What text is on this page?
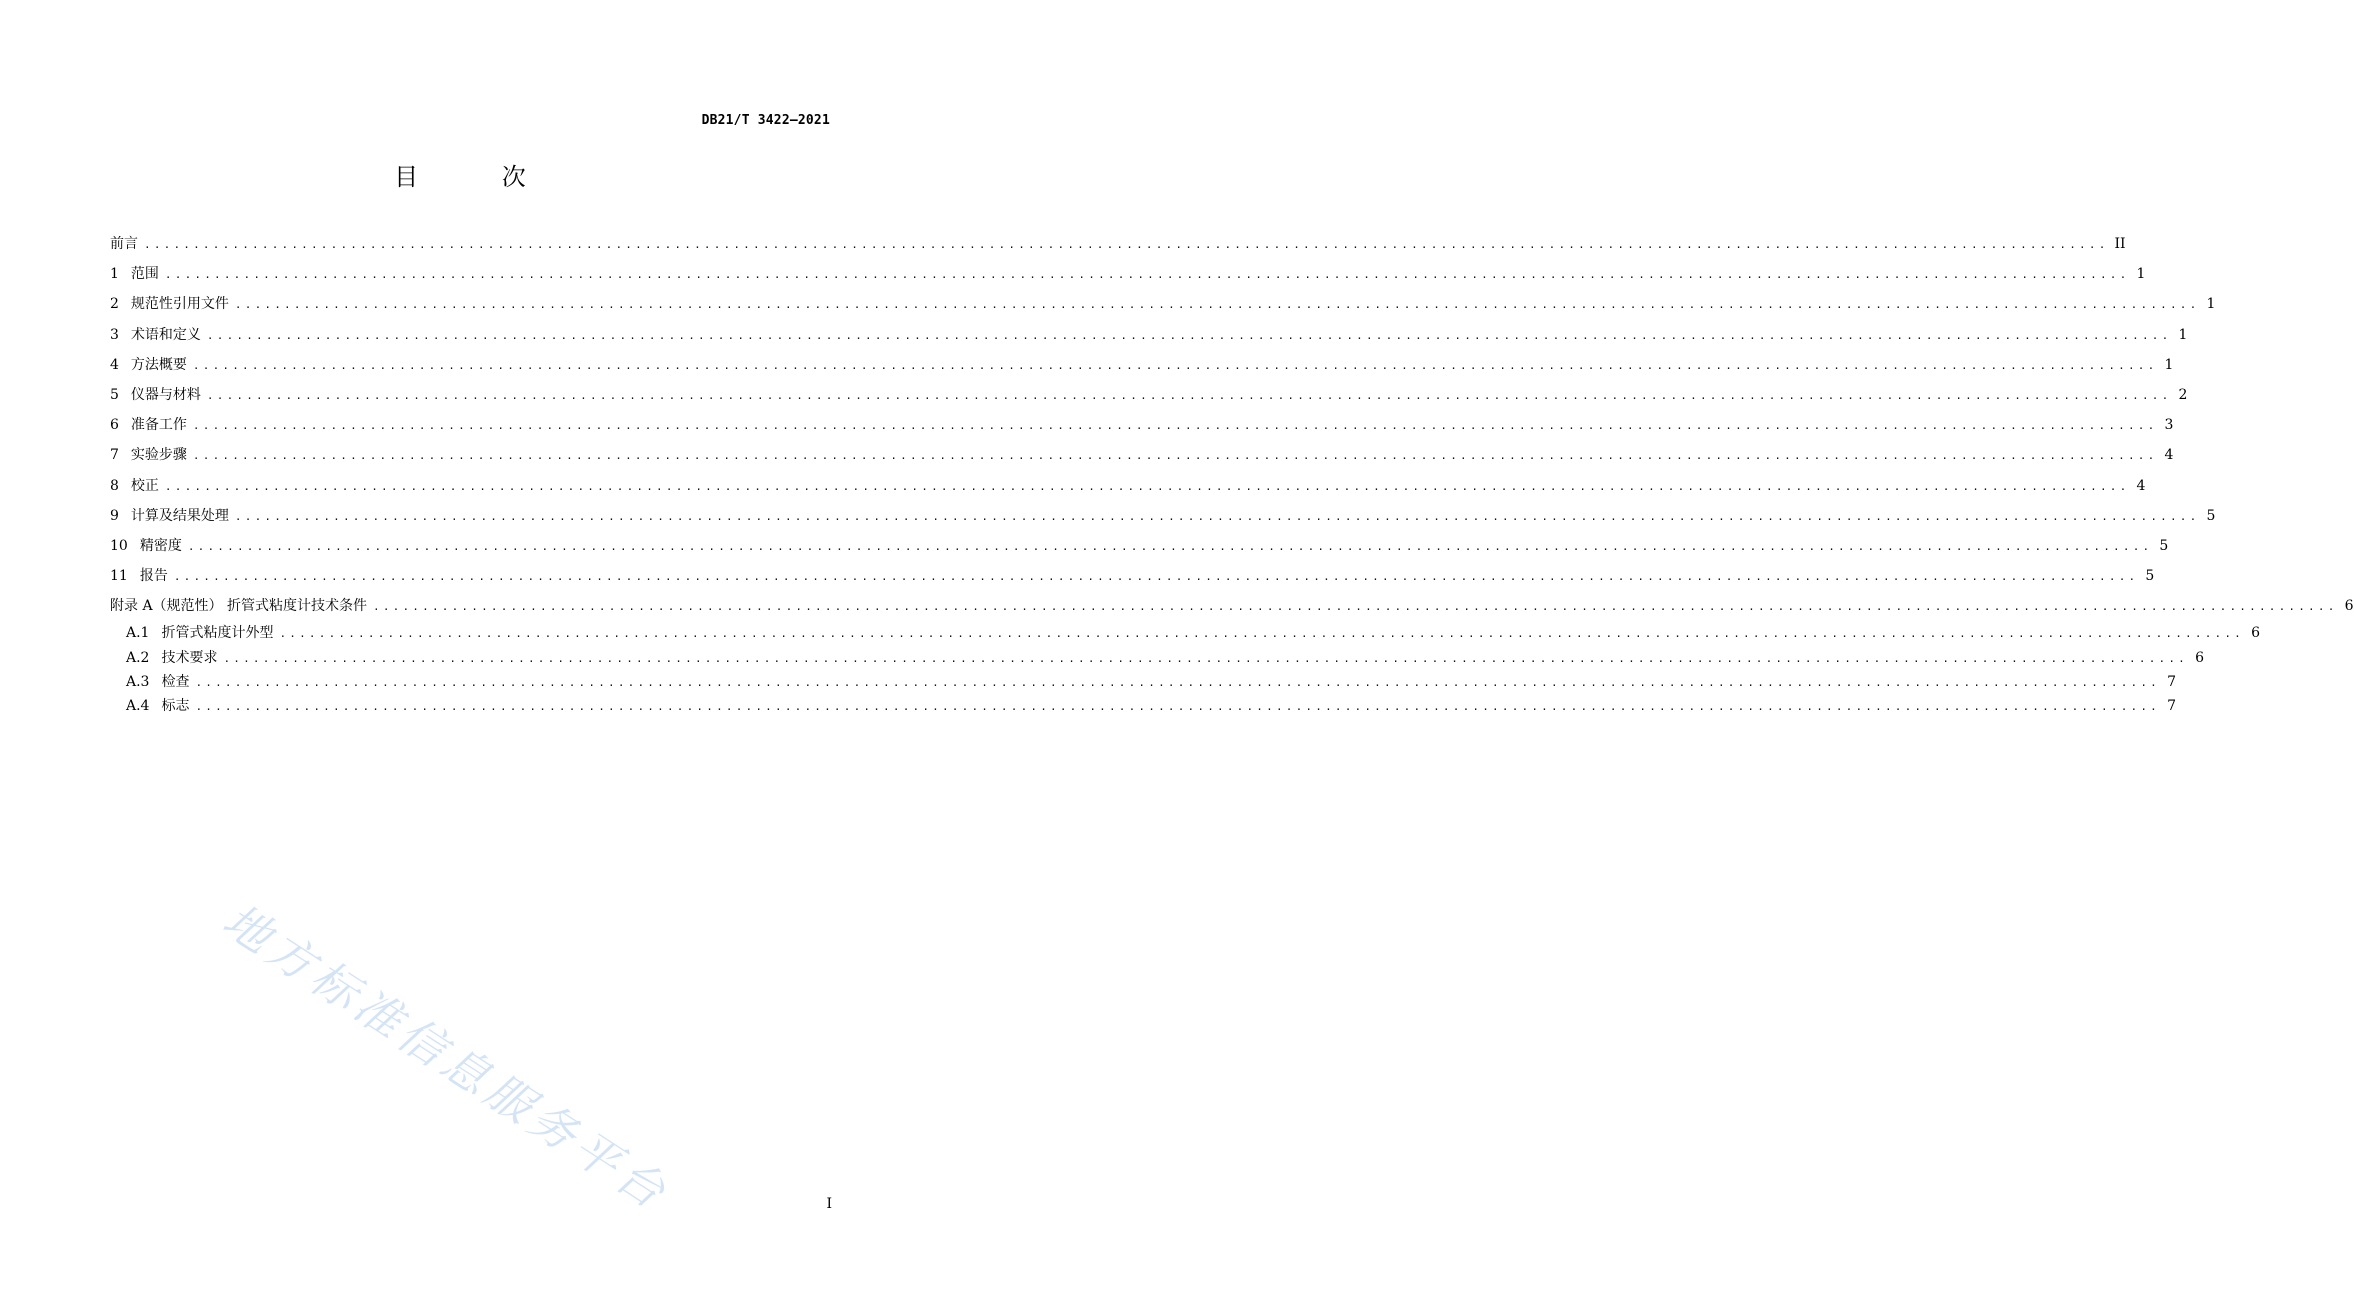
DB21/T 3422—2021
目 次
前言 ........................................................................................................................................................................................................ II
1 范围 ........................................................................................................................................................................................................ 1
2 规范性引用文件 ........................................................................................................................................................................................................ 1
3 术语和定义 ........................................................................................................................................................................................................ 1
4 方法概要 ........................................................................................................................................................................................................ 1
5 仪器与材料 ........................................................................................................................................................................................................ 2
6 准备工作 ........................................................................................................................................................................................................ 3
7 实验步骤 ........................................................................................................................................................................................................ 4
8 校正 ........................................................................................................................................................................................................ 4
9 计算及结果处理 ........................................................................................................................................................................................................ 5
10 精密度 ........................................................................................................................................................................................................ 5
11 报告 ........................................................................................................................................................................................................ 5
附录 A（规范性） 折管式粘度计技术条件 ........................................................................................................................................................................................................ 6
A.1 折管式粘度计外型 ........................................................................................................................................................................................................ 6
A.2 技术要求 ........................................................................................................................................................................................................ 6
A.3 检查 ........................................................................................................................................................................................................ 7
A.4 标志 ........................................................................................................................................................................................................ 7
地方标准信息服务平台	I
